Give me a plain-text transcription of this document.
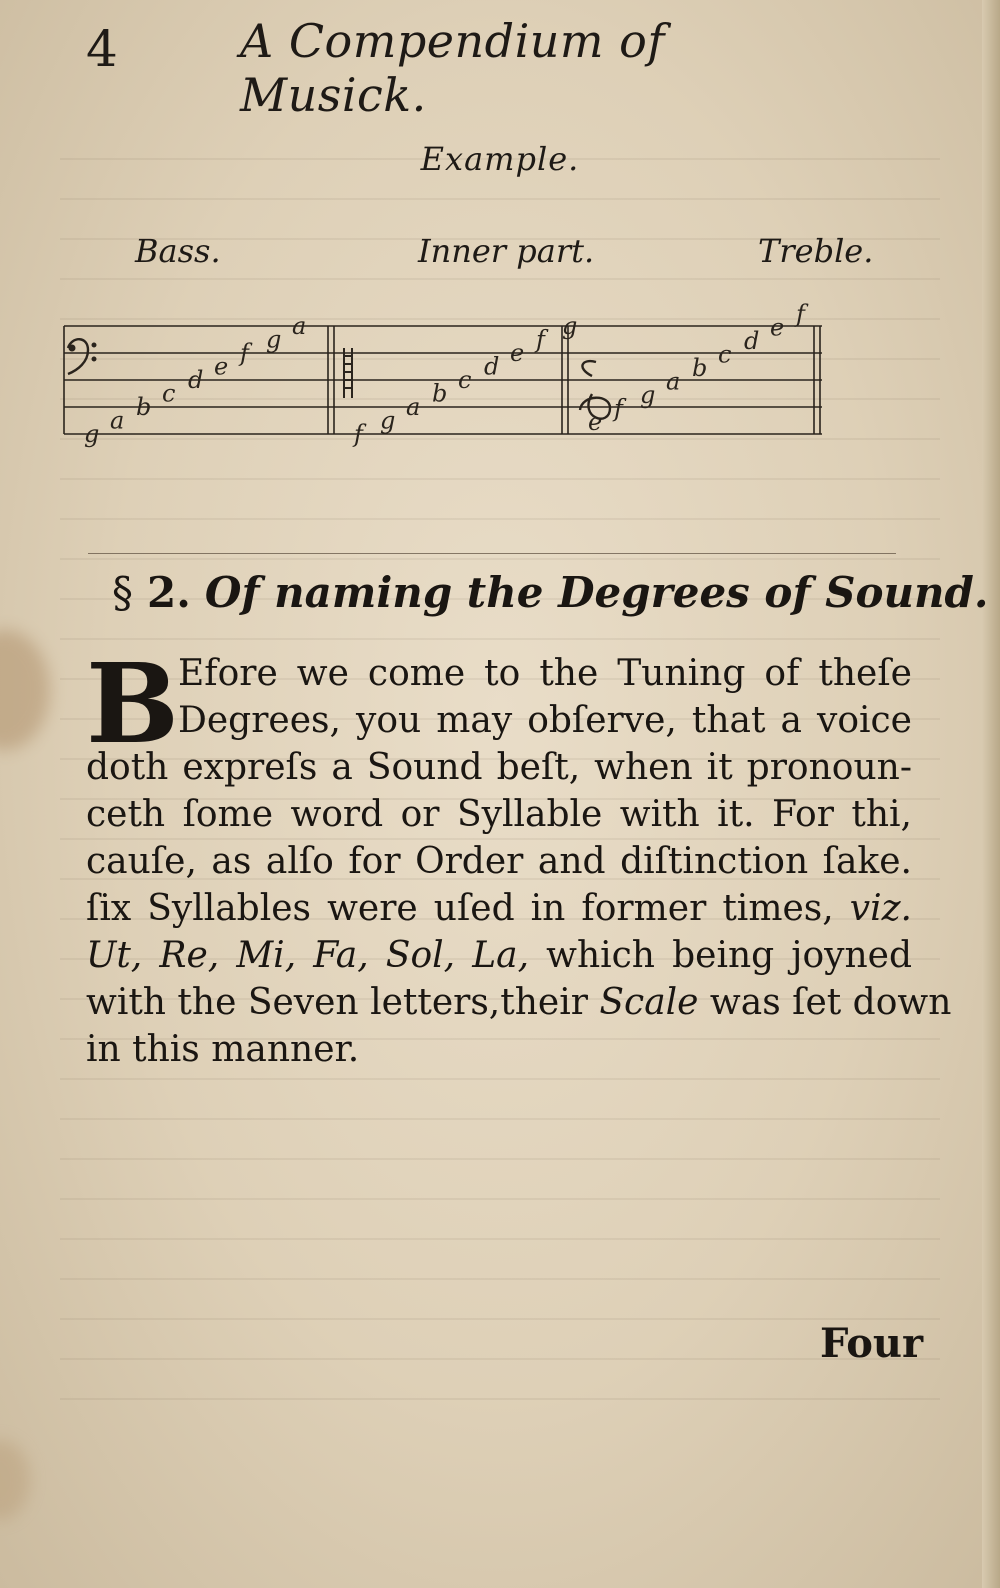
4	A Compendium of Musick.
Example.
Bass.	Inner part.	Treble.
g a b c d e f g a
f g a b c d e f g
e f g a b c d e f
§ 2. Of naming the Degrees of Sound.
B Efore we come to the Tuning of theſe
Degrees, you may obſerve, that a voice
doth expreſs a Sound beſt, when it pronoun-
ceth ſome word or Syllable with it. For thi,
cauſe, as alſo for Order and diſtinction ſake.
ſix Syllables were uſed in former times, viz.
Ut, Re, Mi, Fa, Sol, La, which being joyned
with the Seven letters,their Scale was ſet down
in this manner.
Four
